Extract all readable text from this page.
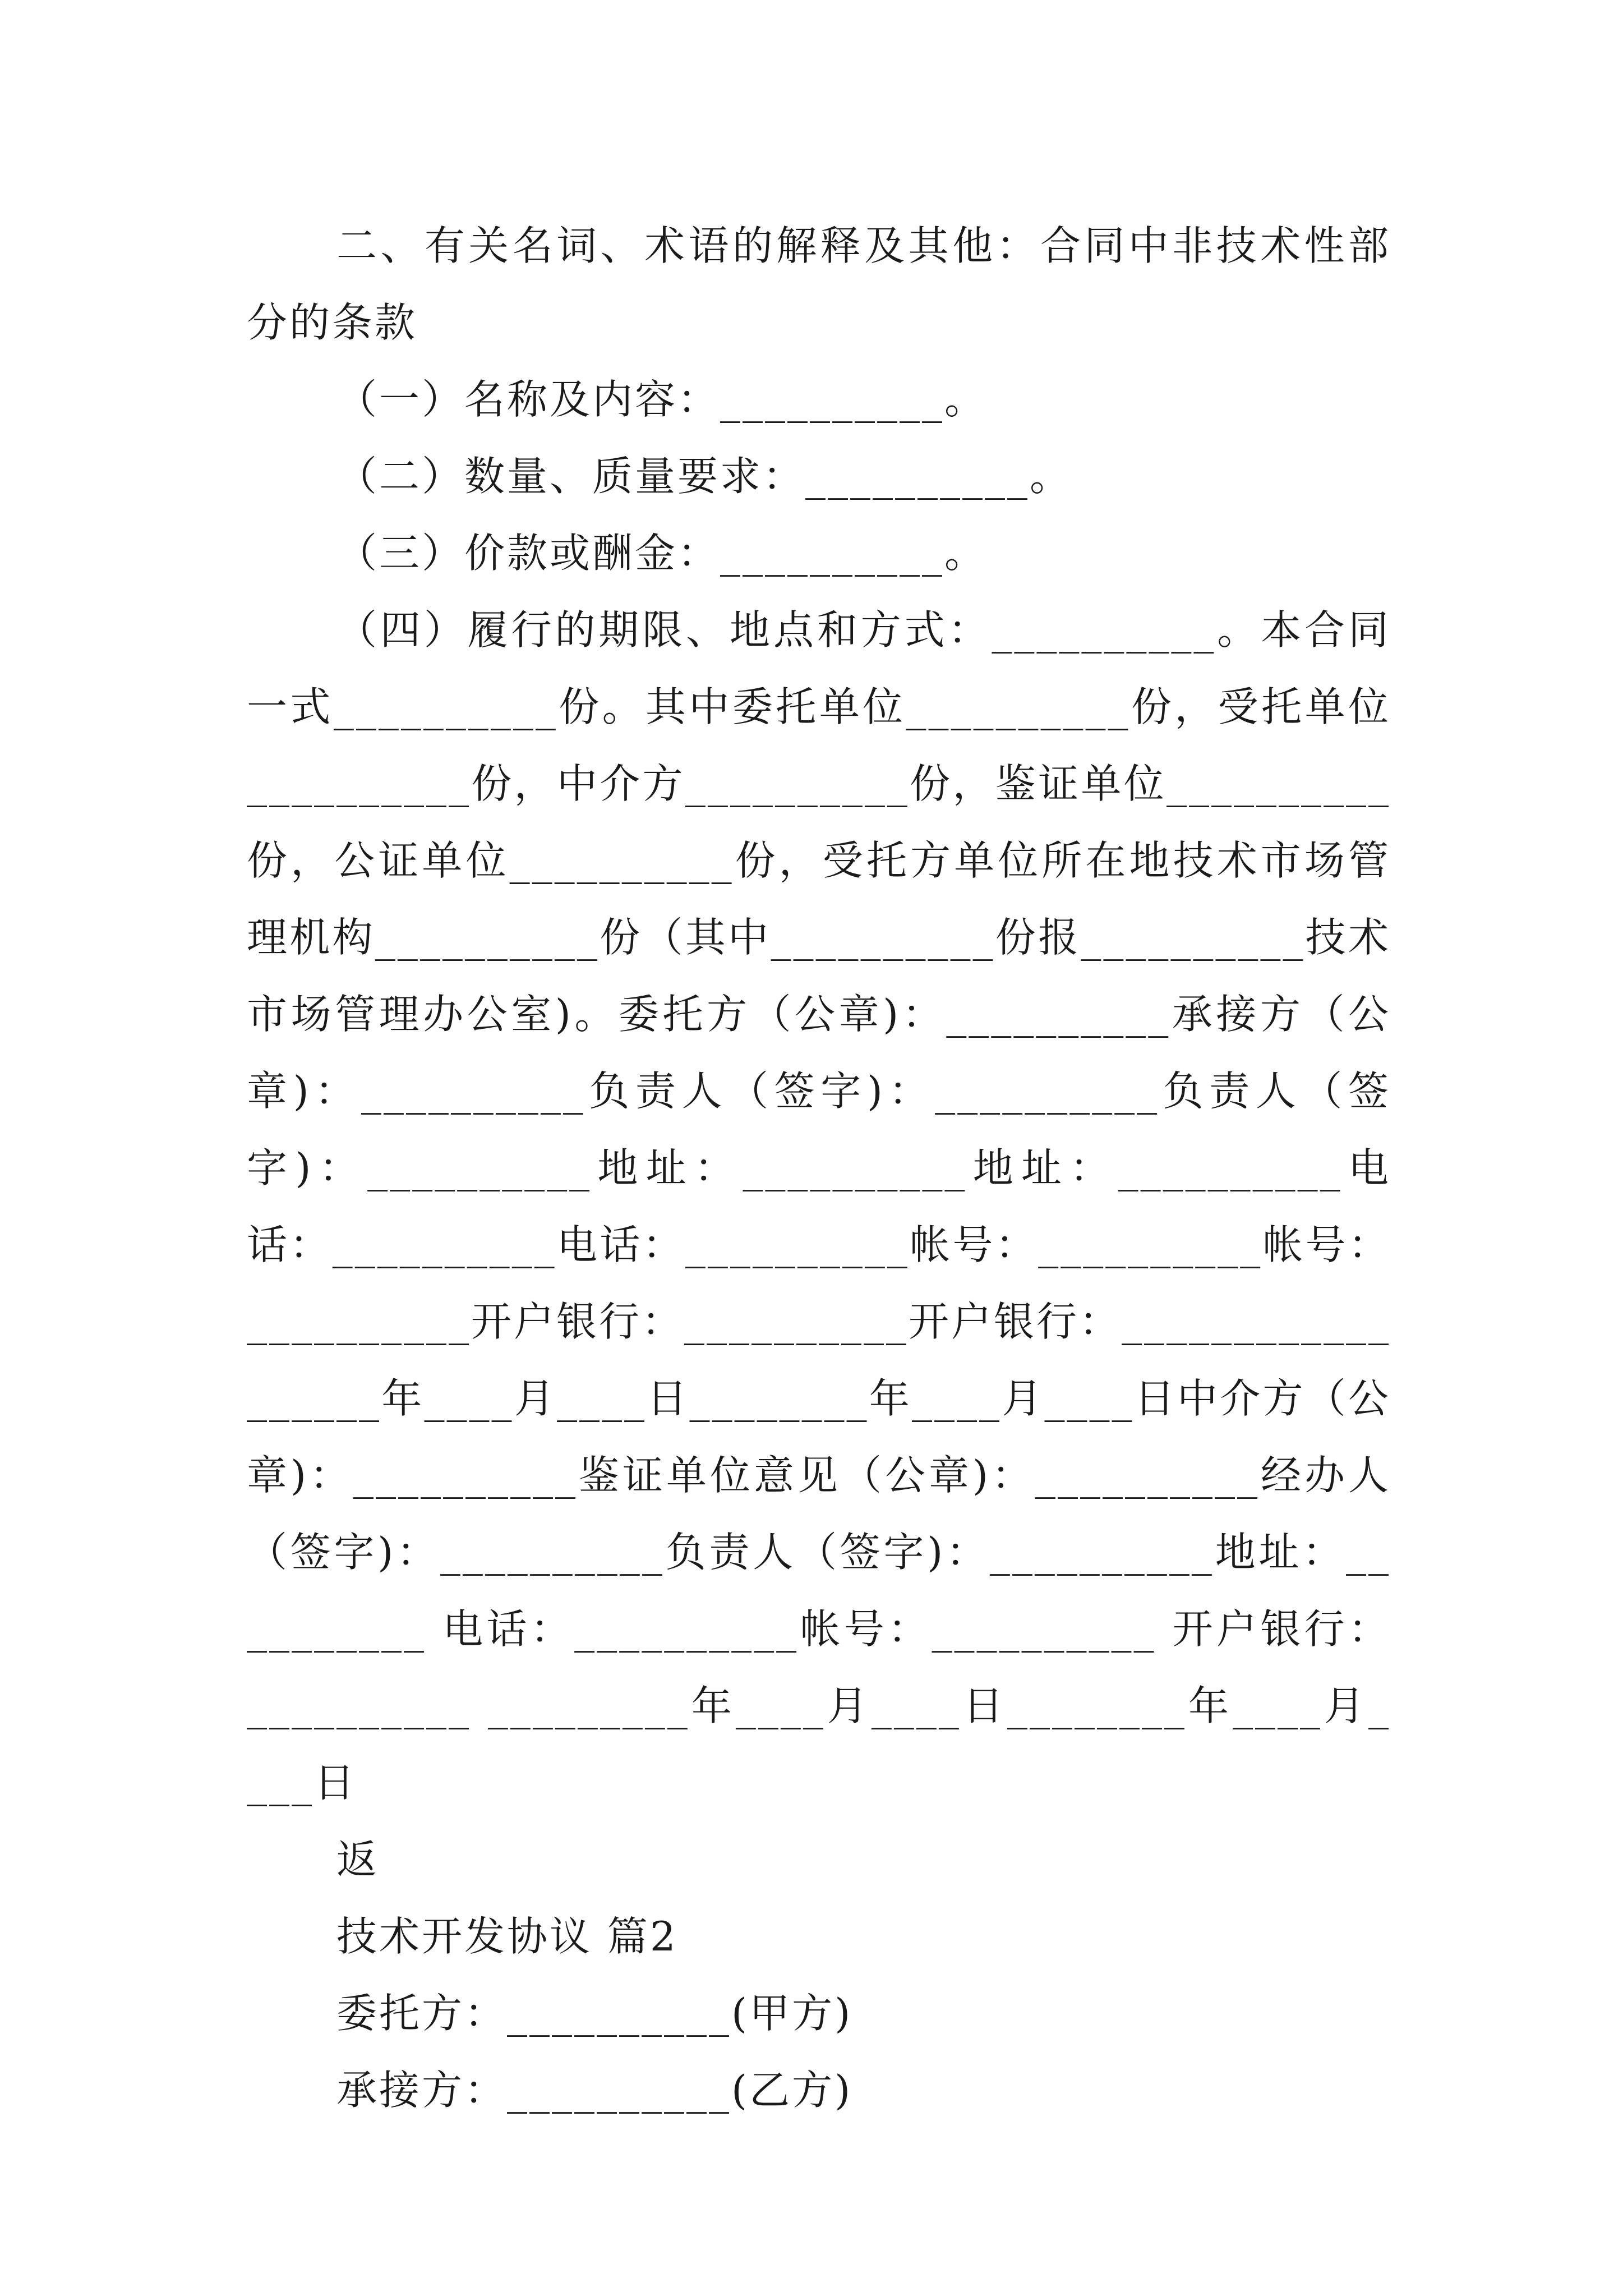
二、有关名词、术语的解释及其他：合同中非技术性部分的条款

（一）名称及内容：__________。

（二）数量、质量要求：__________。

（三）价款或酬金：__________。

（四）履行的期限、地点和方式：__________。本合同一式__________份。其中委托单位__________份，受托单位__________份，中介方__________份，鉴证单位__________份，公证单位__________份，受托方单位所在地技术市场管理机构__________份（其中__________份报__________技术市场管理办公室)。委托方（公章)：__________承接方（公章)：__________负责人（签字)：__________负责人（签字)：__________地址：__________地址：__________电话：__________电话：__________帐号：__________帐号：__________开户银行：__________开户银行：__________________年____月____日________年____月____日中介方（公章)：__________鉴证单位意见（公章)：__________经办人（签字)：__________负责人（签字)：__________地址：__________ 电话：__________帐号：__________ 开户银行：__________ _________年____月____日________年____月____日

返

技术开发协议 篇2

委托方：__________(甲方)

承接方：__________(乙方)
